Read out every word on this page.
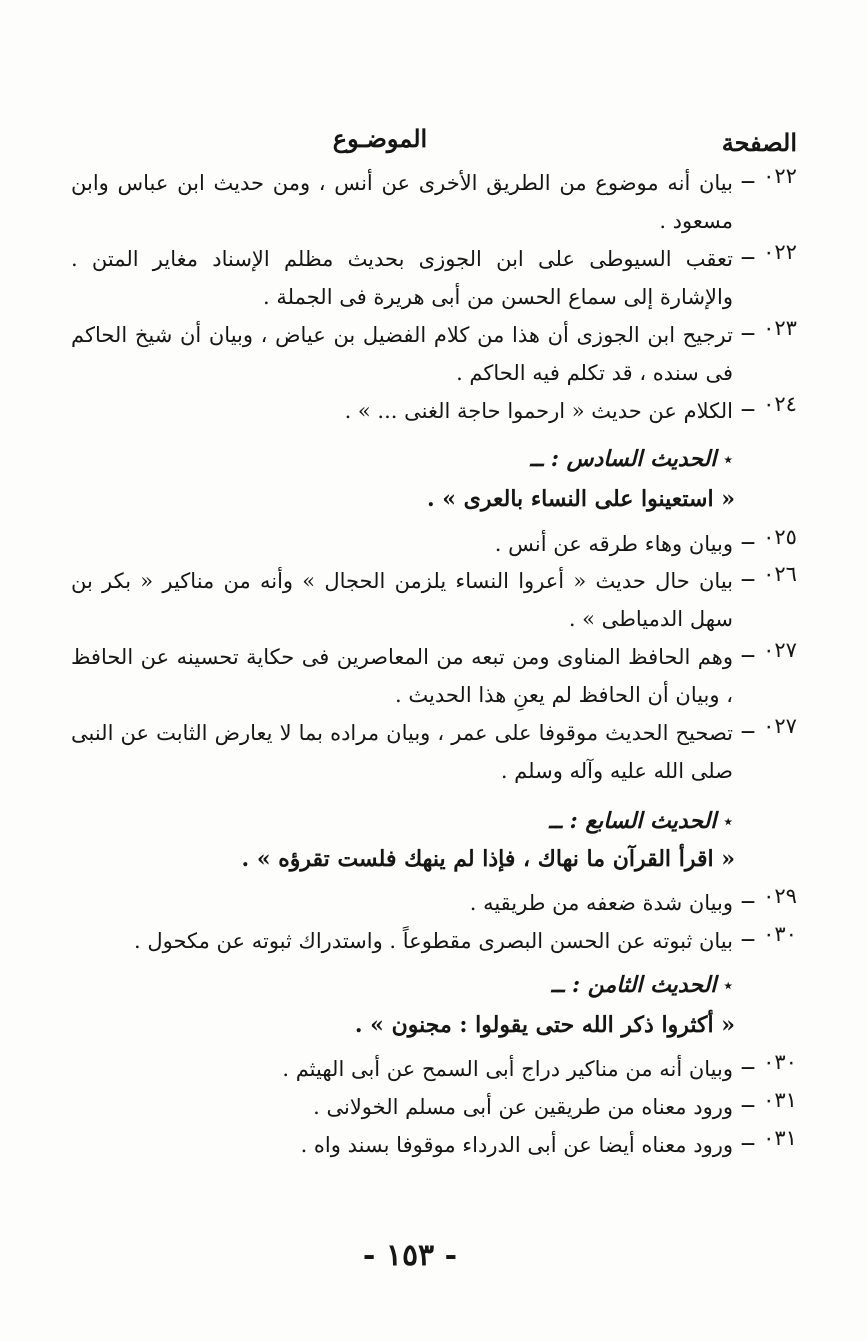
الصفحة
الموضـوع
٠٢٢
ــ
بيان أنه موضوع من الطريق الأخرى عن أنس ، ومن حديث ابن عباس وابن مسعود .
٠٢٢
ــ
تعقب السيوطى على ابن الجوزى بحديث مظلم الإسناد مغاير المتن . والإشارة إلى سماع الحسن من أبى هريرة فى الجملة .
٠٢٣
ــ
ترجيح ابن الجوزى أن هذا من كلام الفضيل بن عياض ، وبيان أن شيخ الحاكم فى سنده ، قد تكلم فيه الحاكم .
٠٢٤
ــ
الكلام عن حديث « ارحموا حاجة الغنى ... » .
٭الحديث السادس : ــ
« استعينوا على النساء بالعرى » .
٠٢٥
ــ
وبيان وهاء طرقه عن أنس .
٠٢٦
ــ
بيان حال حديث « أعروا النساء يلزمن الحجال » وأنه من مناكير « بكر بن سهل الدمياطى » .
٠٢٧
ــ
وهم الحافظ المناوى ومن تبعه من المعاصرين فى حكاية تحسينه عن الحافظ ، وبيان أن الحافظ لم يعنِ هذا الحديث .
٠٢٧
ــ
تصحيح الحديث موقوفا على عمر ، وبيان مراده بما لا يعارض الثابت عن النبى صلى الله عليه وآله وسلم .
٭الحديث السابع : ــ
« اقرأ القرآن ما نهاك ، فإذا لم ينهك فلست تقرؤه » .
٠٢٩
ــ
وبيان شدة ضعفه من طريقيه .
٠٣٠
ــ
بيان ثبوته عن الحسن البصرى مقطوعاً . واستدراك ثبوته عن مكحول .
٭الحديث الثامن : ــ
« أكثروا ذكر الله حتى يقولوا : مجنون » .
٠٣٠
ــ
وبيان أنه من مناكير دراج أبى السمح عن أبى الهيثم .
٠٣١
ــ
ورود معناه من طريقين عن أبى مسلم الخولانى .
٠٣١
ــ
ورود معناه أيضا عن أبى الدرداء موقوفا بسند واه .
- ١٥٣ -
